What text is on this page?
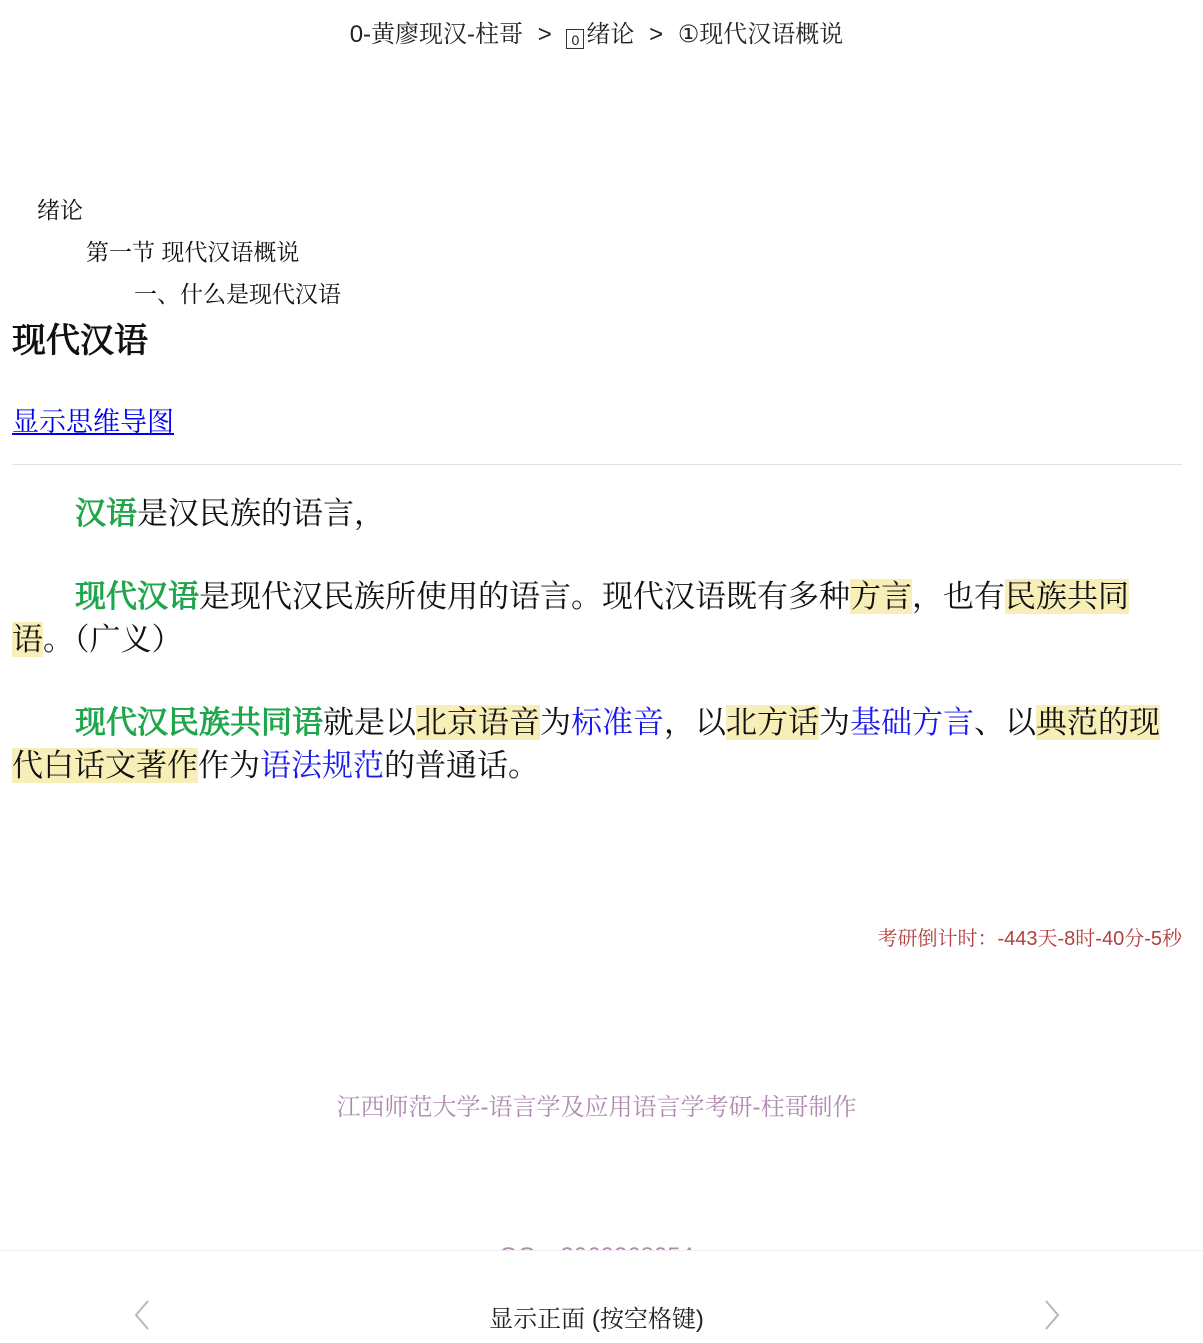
0-黄廖现汉-柱哥 > 0 绪论 > ①现代汉语概说
绪论
第一节 现代汉语概说
一、什么是现代汉语
现代汉语
显示思维导图

汉语是汉民族的语言，

现代汉语是现代汉民族所使用的语言。现代汉语既有多种方言，也有民族共同语。（广义）

现代汉民族共同语就是以北京语音为标准音，以北方话为基础方言、以典范的现代白话文著作作为语法规范的普通话。

考研倒计时：-443天-8时-40分-5秒
江西师范大学-语言学及应用语言学考研-柱哥制作
显示正面 (按空格键)
